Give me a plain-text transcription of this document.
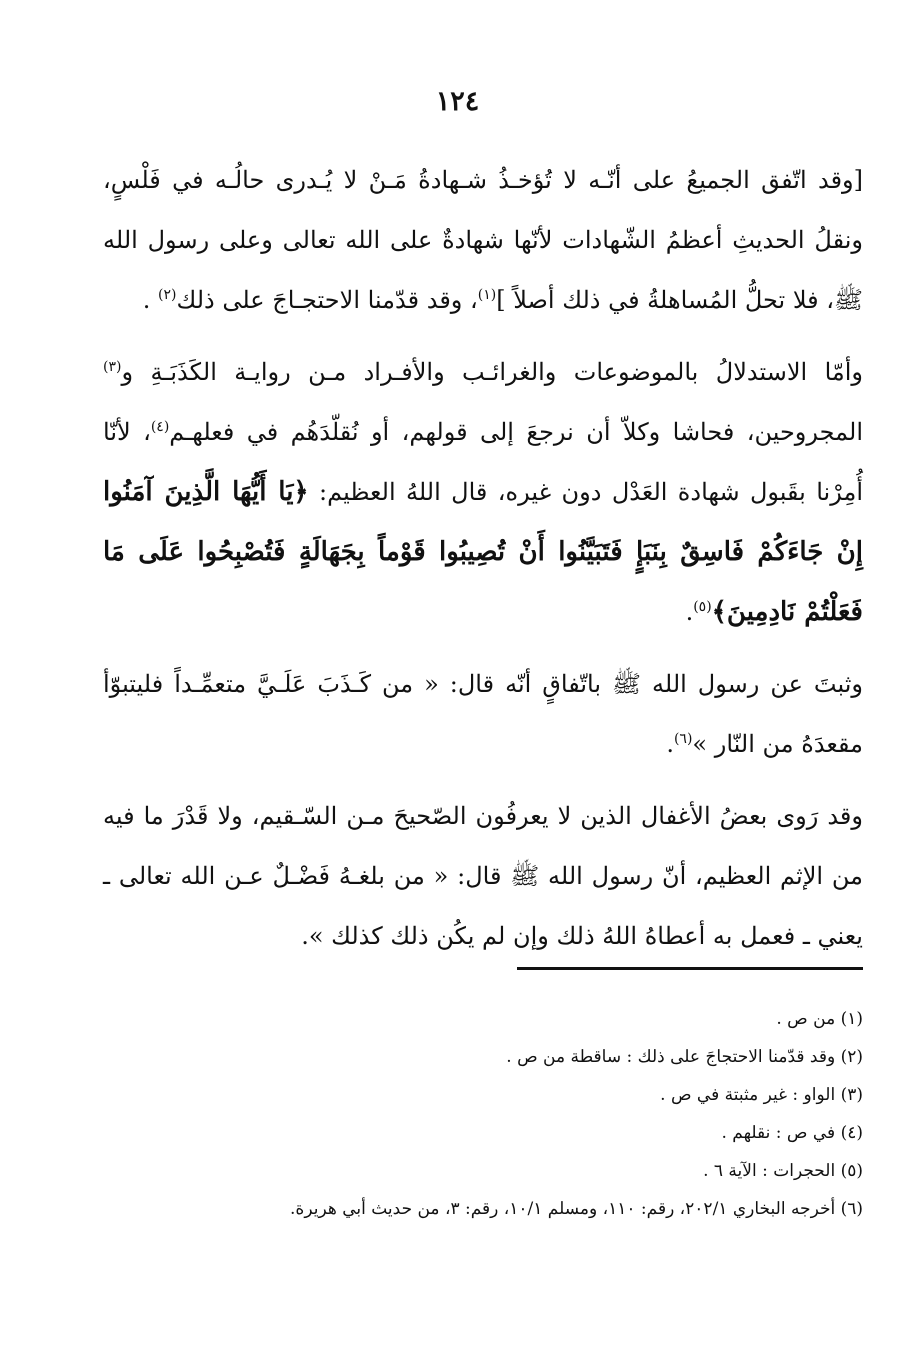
١٢٤

[وقد اتّفق الجميعُ على أنّـه لا تُؤخـذُ شـهادةُ مَـنْ لا يُـدرى حالُـه في فَلْسٍ، ونقلُ الحديثِ أعظمُ الشّهادات لأنّها شهادةٌ على الله تعالى وعلى رسول الله ﷺ، فلا تحلُّ المُساهلةُ في ذلك أصلاً ]$^{(١)}$، وقد قدّمنا الاحتجـاجَ على ذلك$^{(٢)}$ .

وأمّا الاستدلالُ بالموضوعات والغرائـب والأفـراد مـن روايـة الكَذَبَـةِ و$^{(٣)}$ المجروحين، فحاشا وكلاّ أن نرجعَ إلى قولهم، أو نُقلّدَهُم في فعلهـم$^{(٤)}$، لأنّا أُمِرْنا بقَبول شهادة العَدْل دون غيره، قال اللهُ العظيم: ﴿يَا أَيُّهَا الَّذِينَ آمَنُوا إِنْ جَاءَكُمْ فَاسِقٌ بِنَبَإٍ فَتَبَيَّنُوا أَنْ تُصِيبُوا قَوْماً بِجَهَالَةٍ فَتُصْبِحُوا عَلَى مَا فَعَلْتُمْ نَادِمِينَ﴾$^{(٥)}$.

وثبتَ عن رسول الله ﷺ باتّفاقٍ أنّه قال: « من كَـذَبَ عَلَـيَّ متعمِّـداً فليتبوّأ مقعدَهُ من النّار »$^{(٦)}$.

وقد رَوى بعضُ الأغفال الذين لا يعرفُون الصّحيحَ مـن السّـقيم، ولا قَدْرَ ما فيه من الإثم العظيم، أنّ رسول الله ﷺ قال: « من بلغـهُ فَضْـلٌ عـن الله تعالى ـ يعني ـ فعمل به أعطاهُ اللهُ ذلك وإن لم يكُن ذلك كذلك ».

(١) من ص .
(٢) وقد قدّمنا الاحتجاجَ على ذلك : ساقطة من ص .
(٣) الواو : غير مثبتة في ص .
(٤) في ص : نقلهم .
(٥) الحجرات : الآية ٦ .
(٦) أخرجه البخاري ٢٠٢/١، رقم: ١١٠، ومسلم ١٠/١، رقم: ٣، من حديث أبي هريرة.
